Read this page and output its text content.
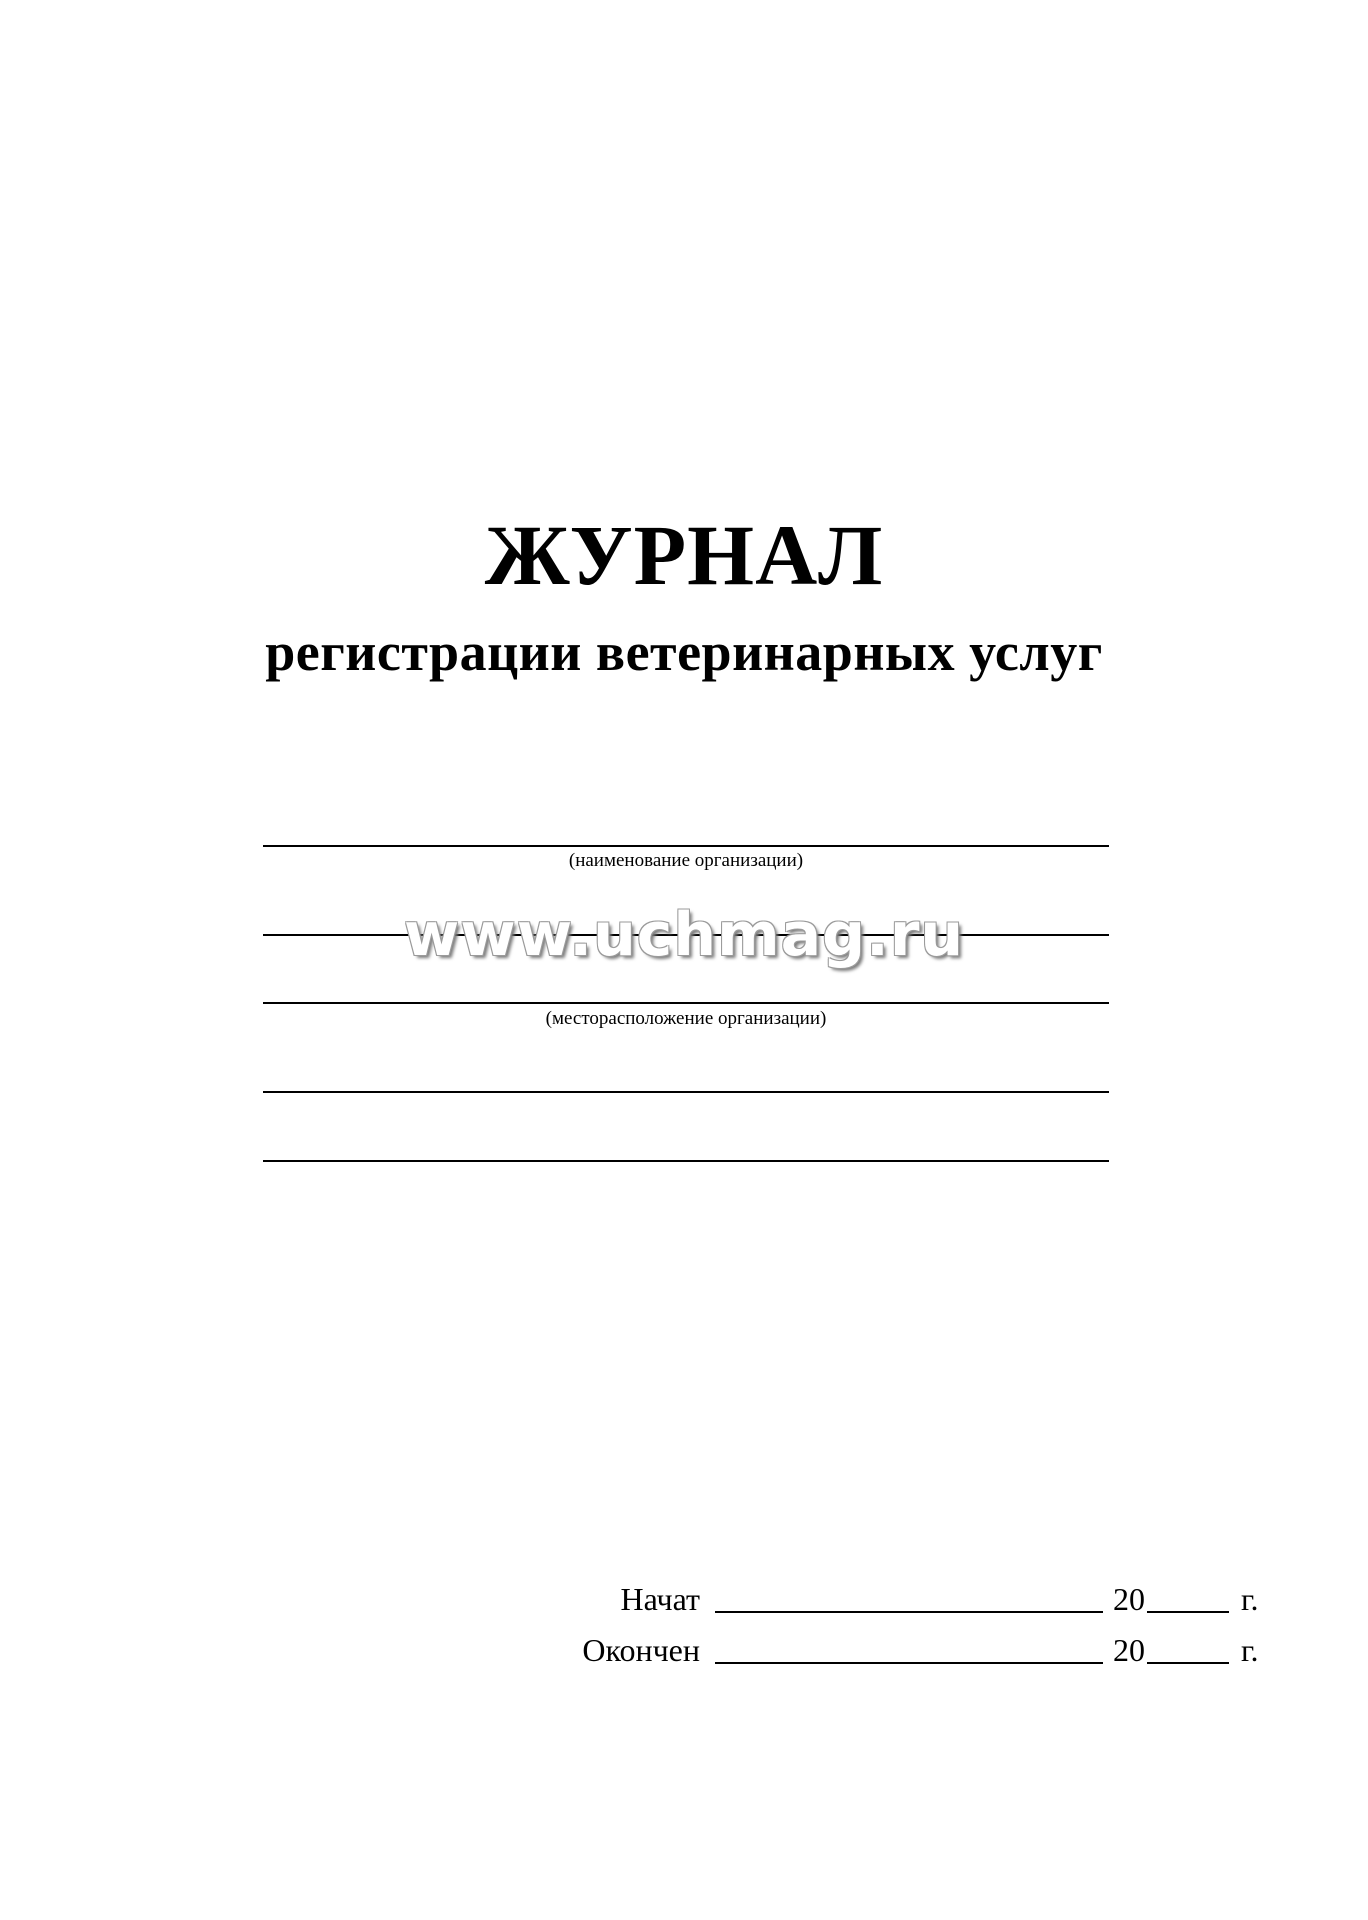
ЖУРНАЛ
регистрации ветеринарных услуг
(наименование организации)
www.uchmag.ru
(месторасположение организации)
Начат	20	г.
Окончен	20	г.
